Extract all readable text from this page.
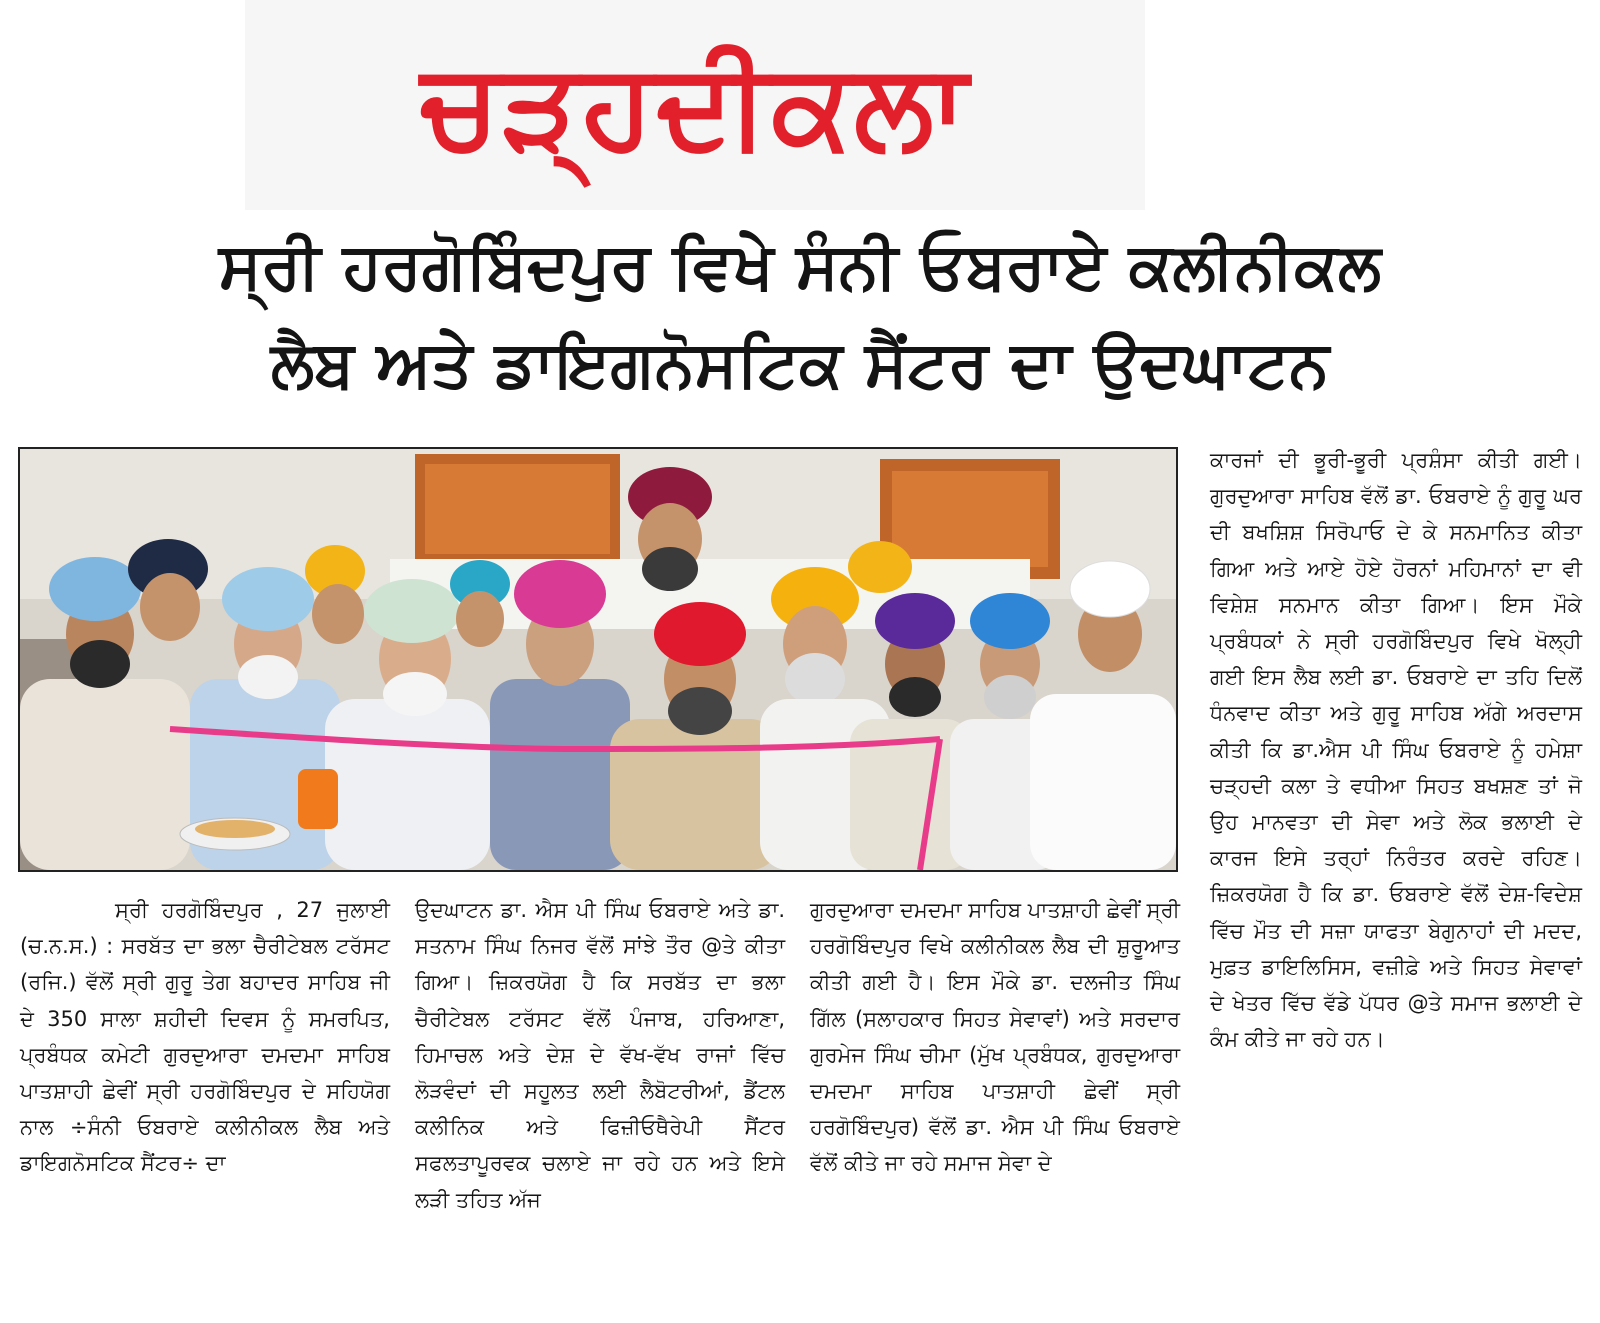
ਚੜ੍ਹਦੀਕਲਾ
ਸ੍ਰੀ ਹਰਗੋਬਿੰਦਪੁਰ ਵਿਖੇ ਸੰਨੀ ਓਬਰਾਏ ਕਲੀਨੀਕਲ
ਲੈਬ ਅਤੇ ਡਾਇਗਨੋਸਟਿਕ ਸੈਂਟਰ ਦਾ ਉਦਘਾਟਨ

ਸ੍ਰੀ ਹਰਗੋਬਿੰਦਪੁਰ , 27 ਜੁਲਾਈ (ਚ.ਨ.ਸ.) : ਸਰਬੱਤ ਦਾ ਭਲਾ ਚੈਰੀਟੇਬਲ ਟਰੱਸਟ (ਰਜਿ.) ਵੱਲੋਂ ਸ੍ਰੀ ਗੁਰੂ ਤੇਗ ਬਹਾਦਰ ਸਾਹਿਬ ਜੀ ਦੇ 350 ਸਾਲਾ ਸ਼ਹੀਦੀ ਦਿਵਸ ਨੂੰ ਸਮਰਪਿਤ, ਪ੍ਰਬੰਧਕ ਕਮੇਟੀ ਗੁਰਦੁਆਰਾ ਦਮਦਮਾ ਸਾਹਿਬ ਪਾਤਸ਼ਾਹੀ ਛੇਵੀਂ ਸ੍ਰੀ ਹਰਗੋਬਿੰਦਪੁਰ ਦੇ ਸਹਿਯੋਗ ਨਾਲ ÷ਸੰਨੀ ਓਬਰਾਏ ਕਲੀਨੀਕਲ ਲੈਬ ਅਤੇ ਡਾਇਗਨੋਸਟਿਕ ਸੈਂਟਰ÷ ਦਾ

ਉਦਘਾਟਨ ਡਾ. ਐਸ ਪੀ ਸਿੰਘ ਓਬਰਾਏ ਅਤੇ ਡਾ. ਸਤਨਾਮ ਸਿੰਘ ਨਿਜਰ ਵੱਲੋਂ ਸਾਂਝੇ ਤੌਰ @ਤੇ ਕੀਤਾ ਗਿਆ। ਜ਼ਿਕਰਯੋਗ ਹੈ ਕਿ ਸਰਬੱਤ ਦਾ ਭਲਾ ਚੈਰੀਟੇਬਲ ਟਰੱਸਟ ਵੱਲੋਂ ਪੰਜਾਬ, ਹਰਿਆਣਾ, ਹਿਮਾਚਲ ਅਤੇ ਦੇਸ਼ ਦੇ ਵੱਖ-ਵੱਖ ਰਾਜਾਂ ਵਿੱਚ ਲੋੜਵੰਦਾਂ ਦੀ ਸਹੂਲਤ ਲਈ ਲੈਬੋਟਰੀਆਂ, ਡੈਂਟਲ ਕਲੀਨਿਕ ਅਤੇ ਫਿਜ਼ੀਓਥੈਰੇਪੀ ਸੈਂਟਰ ਸਫਲਤਾਪੂਰਵਕ ਚਲਾਏ ਜਾ ਰਹੇ ਹਨ ਅਤੇ ਇਸੇ ਲੜੀ ਤਹਿਤ ਅੱਜ

ਗੁਰਦੁਆਰਾ ਦਮਦਮਾ ਸਾਹਿਬ ਪਾਤਸ਼ਾਹੀ ਛੇਵੀਂ ਸ੍ਰੀ ਹਰਗੋਬਿੰਦਪੁਰ ਵਿਖੇ ਕਲੀਨੀਕਲ ਲੈਬ ਦੀ ਸ਼ੁਰੂਆਤ ਕੀਤੀ ਗਈ ਹੈ। ਇਸ ਮੌਕੇ ਡਾ. ਦਲਜੀਤ ਸਿੰਘ ਗਿੱਲ (ਸਲਾਹਕਾਰ ਸਿਹਤ ਸੇਵਾਵਾਂ) ਅਤੇ ਸਰਦਾਰ ਗੁਰਮੇਜ ਸਿੰਘ ਚੀਮਾ (ਮੁੱਖ ਪ੍ਰਬੰਧਕ, ਗੁਰਦੁਆਰਾ ਦਮਦਮਾ ਸਾਹਿਬ ਪਾਤਸ਼ਾਹੀ ਛੇਵੀਂ ਸ੍ਰੀ ਹਰਗੋਬਿੰਦਪੁਰ) ਵੱਲੋਂ ਡਾ. ਐਸ ਪੀ ਸਿੰਘ ਓਬਰਾਏ ਵੱਲੋਂ ਕੀਤੇ ਜਾ ਰਹੇ ਸਮਾਜ ਸੇਵਾ ਦੇ

ਕਾਰਜਾਂ ਦੀ ਭੂਰੀ-ਭੂਰੀ ਪ੍ਰਸ਼ੰਸਾ ਕੀਤੀ ਗਈ। ਗੁਰਦੁਆਰਾ ਸਾਹਿਬ ਵੱਲੋਂ ਡਾ. ਓਬਰਾਏ ਨੂੰ ਗੁਰੂ ਘਰ ਦੀ ਬਖਸ਼ਿਸ਼ ਸਿਰੋਪਾਓ ਦੇ ਕੇ ਸਨਮਾਨਿਤ ਕੀਤਾ ਗਿਆ ਅਤੇ ਆਏ ਹੋਏ ਹੋਰਨਾਂ ਮਹਿਮਾਨਾਂ ਦਾ ਵੀ ਵਿਸ਼ੇਸ਼ ਸਨਮਾਨ ਕੀਤਾ ਗਿਆ। ਇਸ ਮੌਕੇ ਪ੍ਰਬੰਧਕਾਂ ਨੇ ਸ੍ਰੀ ਹਰਗੋਬਿੰਦਪੁਰ ਵਿਖੇ ਖੋਲ੍ਹੀ ਗਈ ਇਸ ਲੈਬ ਲਈ ਡਾ. ਓਬਰਾਏ ਦਾ ਤਹਿ ਦਿਲੋਂ ਧੰਨਵਾਦ ਕੀਤਾ ਅਤੇ ਗੁਰੂ ਸਾਹਿਬ ਅੱਗੇ ਅਰਦਾਸ ਕੀਤੀ ਕਿ ਡਾ.ਐਸ ਪੀ ਸਿੰਘ ਓਬਰਾਏ ਨੂੰ ਹਮੇਸ਼ਾ ਚੜ੍ਹਦੀ ਕਲਾ ਤੇ ਵਧੀਆ ਸਿਹਤ ਬਖਸ਼ਣ ਤਾਂ ਜੋ ਉਹ ਮਾਨਵਤਾ ਦੀ ਸੇਵਾ ਅਤੇ ਲੋਕ ਭਲਾਈ ਦੇ ਕਾਰਜ ਇਸੇ ਤਰ੍ਹਾਂ ਨਿਰੰਤਰ ਕਰਦੇ ਰਹਿਣ। ਜ਼ਿਕਰਯੋਗ ਹੈ ਕਿ ਡਾ. ਓਬਰਾਏ ਵੱਲੋਂ ਦੇਸ਼-ਵਿਦੇਸ਼ ਵਿੱਚ ਮੌਤ ਦੀ ਸਜ਼ਾ ਯਾਫਤਾ ਬੇਗੁਨਾਹਾਂ ਦੀ ਮਦਦ, ਮੁਫ਼ਤ ਡਾਇਲਿਸਿਸ, ਵਜ਼ੀਫ਼ੇ ਅਤੇ ਸਿਹਤ ਸੇਵਾਵਾਂ ਦੇ ਖੇਤਰ ਵਿੱਚ ਵੱਡੇ ਪੱਧਰ @ਤੇ ਸਮਾਜ ਭਲਾਈ ਦੇ ਕੰਮ ਕੀਤੇ ਜਾ ਰਹੇ ਹਨ।
